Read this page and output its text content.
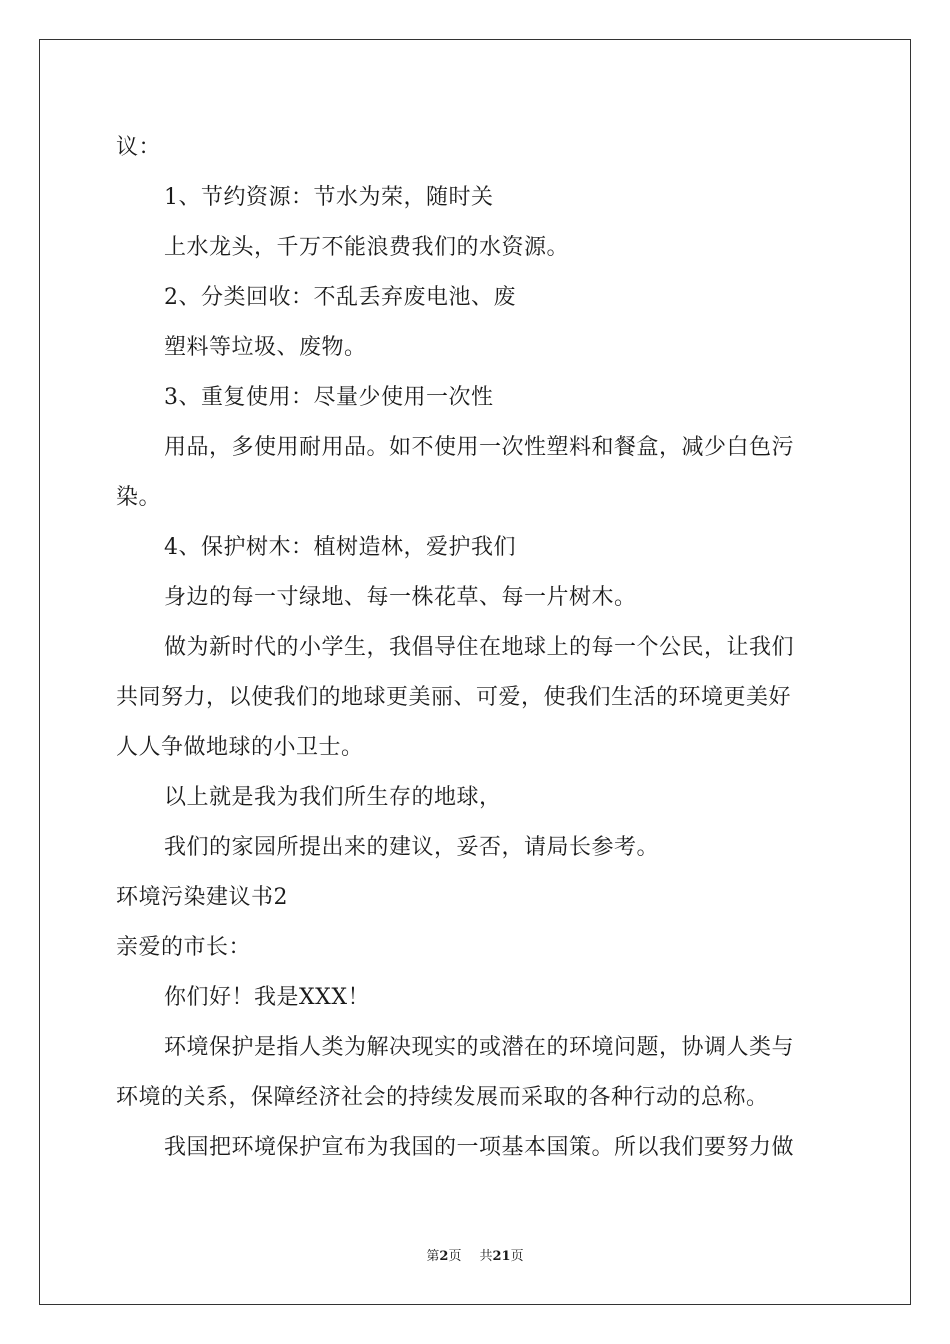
议：
1、节约资源：节水为荣，随时关
上水龙头，千万不能浪费我们的水资源。
2、分类回收：不乱丢弃废电池、废
塑料等垃圾、废物。
3、重复使用：尽量少使用一次性
用品，多使用耐用品。如不使用一次性塑料和餐盒，减少白色污
染。
4、保护树木：植树造林，爱护我们
身边的每一寸绿地、每一株花草、每一片树木。
做为新时代的小学生，我倡导住在地球上的每一个公民，让我们
共同努力，以使我们的地球更美丽、可爱，使我们生活的环境更美好
人人争做地球的小卫士。
以上就是我为我们所生存的地球，
我们的家园所提出来的建议，妥否，请局长参考。
环境污染建议书2
亲爱的市长：
你们好！我是XXX！
环境保护是指人类为解决现实的或潜在的环境问题，协调人类与
环境的关系，保障经济社会的持续发展而采取的各种行动的总称。
我国把环境保护宣布为我国的一项基本国策。所以我们要努力做
第2页 共21页
